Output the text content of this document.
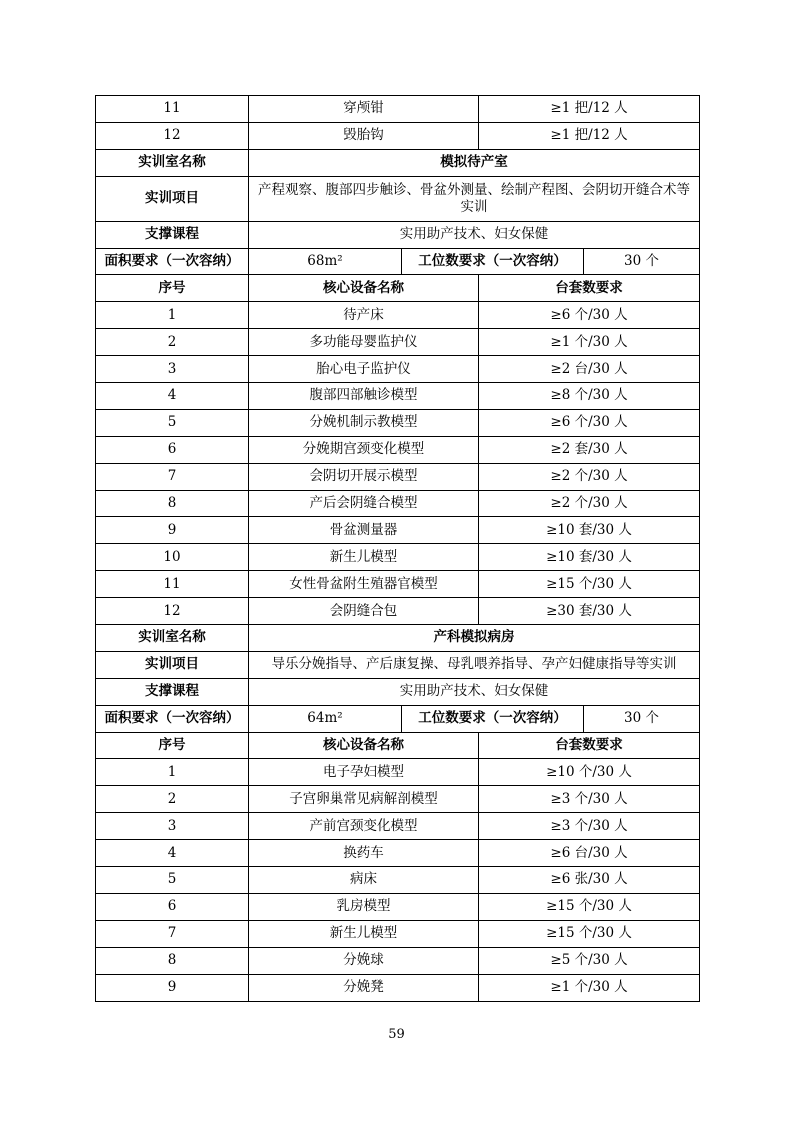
11	穿颅钳		≥1 把/12 人	
12	毁胎钩		≥1 把/12 人	
实训室名称	模拟待产室			
实训项目	产程观察、腹部四步触诊、骨盆外测量、绘制产程图、会阴切开缝合术等实训			
支撑课程	实用助产技术、妇女保健			
面积要求（一次容纳）	68m²	工位数要求（一次容纳）		30 个
序号	核心设备名称		台套数要求	
1	待产床		≥6 个/30 人	
2	多功能母婴监护仪		≥1 个/30 人	
3	胎心电子监护仪		≥2 台/30 人	
4	腹部四部触诊模型		≥8 个/30 人	
5	分娩机制示教模型		≥6 个/30 人	
6	分娩期宫颈变化模型		≥2 套/30 人	
7	会阴切开展示模型		≥2 个/30 人	
8	产后会阴缝合模型		≥2 个/30 人	
9	骨盆测量器		≥10 套/30 人	
10	新生儿模型		≥10 套/30 人	
11	女性骨盆附生殖器官模型		≥15 个/30 人	
12	会阴缝合包		≥30 套/30 人	
实训室名称	产科模拟病房			
实训项目	导乐分娩指导、产后康复操、母乳喂养指导、孕产妇健康指导等实训			
支撑课程	实用助产技术、妇女保健			
面积要求（一次容纳）	64m²	工位数要求（一次容纳）		30 个
序号	核心设备名称		台套数要求	
1	电子孕妇模型		≥10 个/30 人	
2	子宫卵巢常见病解剖模型		≥3 个/30 人	
3	产前宫颈变化模型		≥3 个/30 人	
4	换药车		≥6 台/30 人	
5	病床		≥6 张/30 人	
6	乳房模型		≥15 个/30 人	
7	新生儿模型		≥15 个/30 人	
8	分娩球		≥5 个/30 人	
9	分娩凳		≥1 个/30 人	
59
